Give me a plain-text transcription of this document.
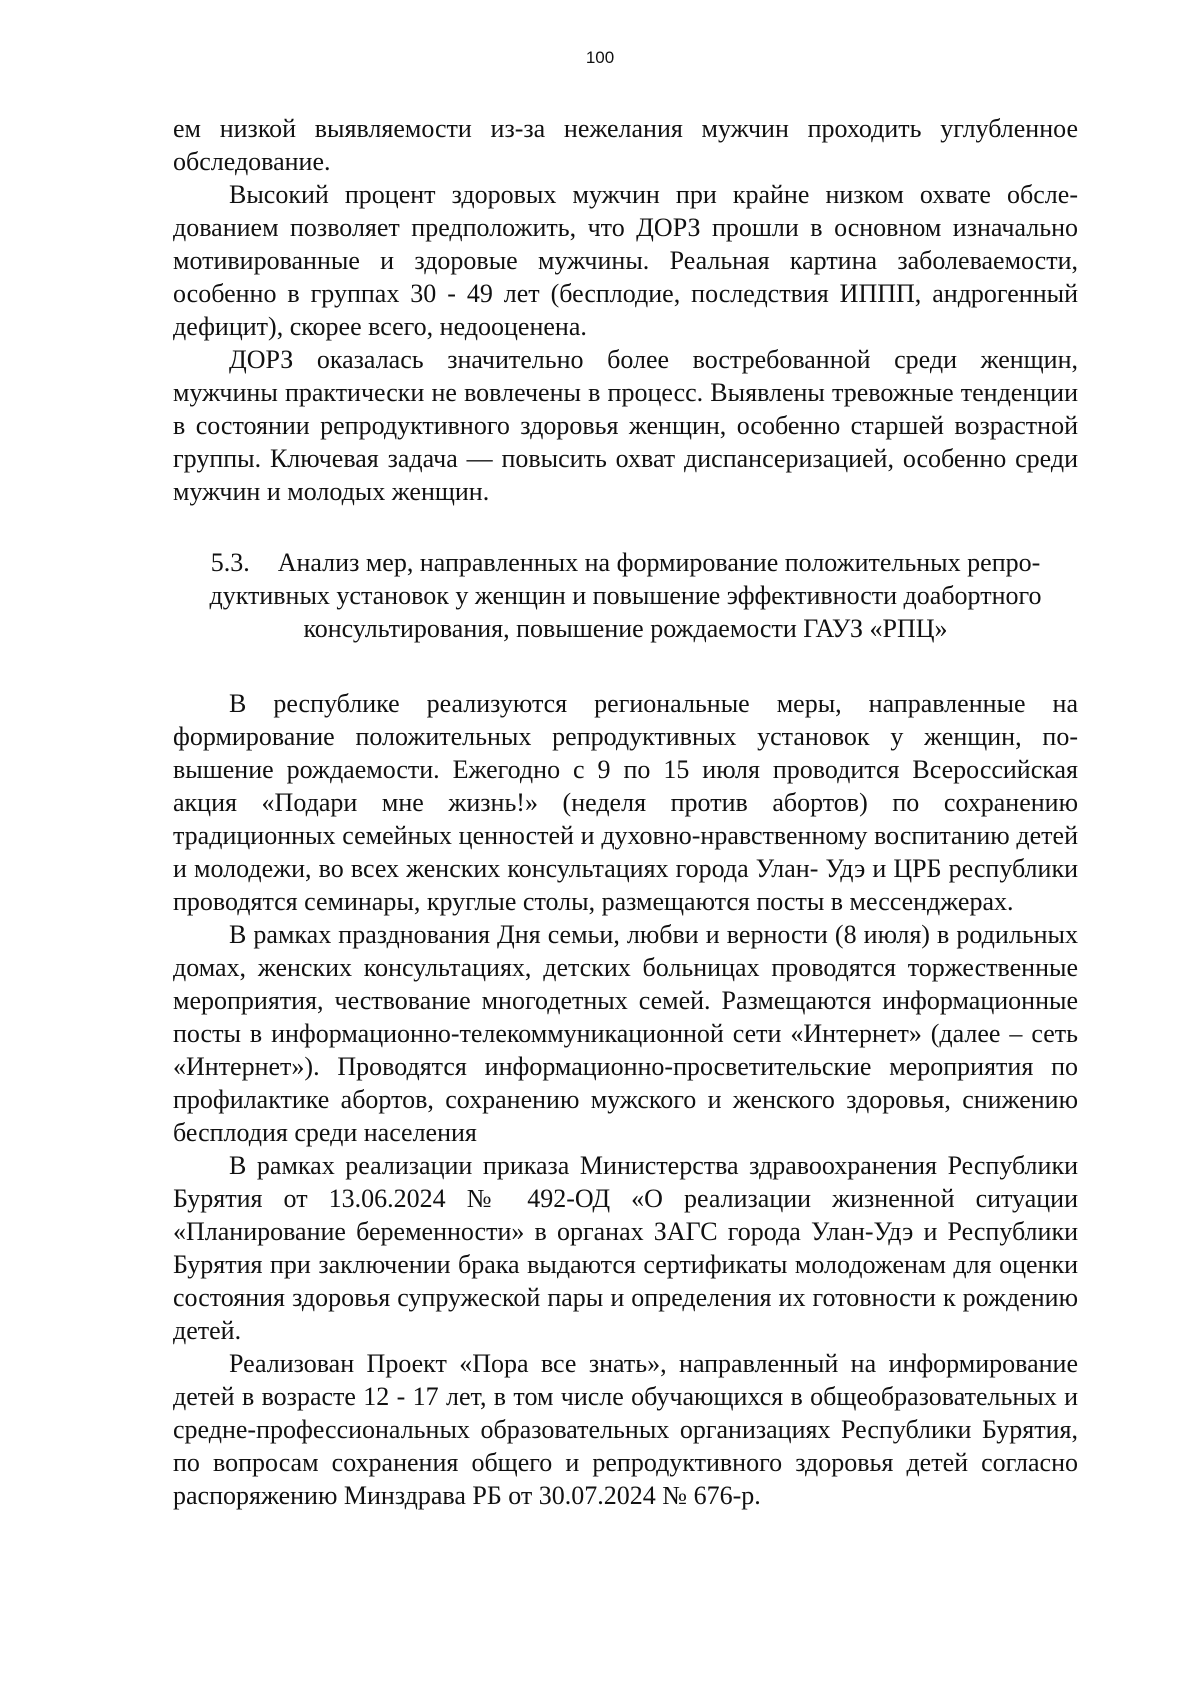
100

ем низкой выявляемости из-за нежелания мужчин проходить углубленное обследование.

Высокий процент здоровых мужчин при крайне низком охвате обследованием позволяет предположить, что ДОРЗ прошли в основном изначально мотивированные и здоровые мужчины. Реальная картина заболеваемости, особенно в группах 30 - 49 лет (бесплодие, последствия ИППП, андрогенный дефицит), скорее всего, недооценена.

ДОРЗ оказалась значительно более востребованной среди женщин, мужчины практически не вовлечены в процесс. Выявлены тревожные тенденции в состоянии репродуктивного здоровья женщин, особенно старшей возрастной группы. Ключевая задача — повысить охват диспансеризацией, особенно среди мужчин и молодых женщин.

5.3. Анализ мер, направленных на формирование положительных репродуктивных установок у женщин и повышение эффективности доабортного консультирования, повышение рождаемости ГАУЗ «РПЦ»

В республике реализуются региональные меры, направленные на формирование положительных репродуктивных установок у женщин, повышение рождаемости. Ежегодно с 9 по 15 июля проводится Всероссийская акция «Подари мне жизнь!» (неделя против абортов) по сохранению традиционных семейных ценностей и духовно-нравственному воспитанию детей и молодежи, во всех женских консультациях города Улан- Удэ и ЦРБ республики проводятся семинары, круглые столы, размещаются посты в мессенджерах.

В рамках празднования Дня семьи, любви и верности (8 июля) в родильных домах, женских консультациях, детских больницах проводятся торжественные мероприятия, чествование многодетных семей. Размещаются информационные посты в информационно-телекоммуникационной сети «Интернет» (далее – сеть «Интернет»). Проводятся информационно-просветительские мероприятия по профилактике абортов, сохранению мужского и женского здоровья, снижению бесплодия среди населения

В рамках реализации приказа Министерства здравоохранения Республики Бурятия от 13.06.2024 № 492-ОД «О реализации жизненной ситуации «Планирование беременности» в органах ЗАГС города Улан-Удэ и Республики Бурятия при заключении брака выдаются сертификаты молодоженам для оценки состояния здоровья супружеской пары и определения их готовности к рождению детей.

Реализован Проект «Пора все знать», направленный на информирование детей в возрасте 12 - 17 лет, в том числе обучающихся в общеобразовательных и средне-профессиональных образовательных организациях Республики Бурятия, по вопросам сохранения общего и репродуктивного здоровья детей согласно распоряжению Минздрава РБ от 30.07.2024 № 676-р.
